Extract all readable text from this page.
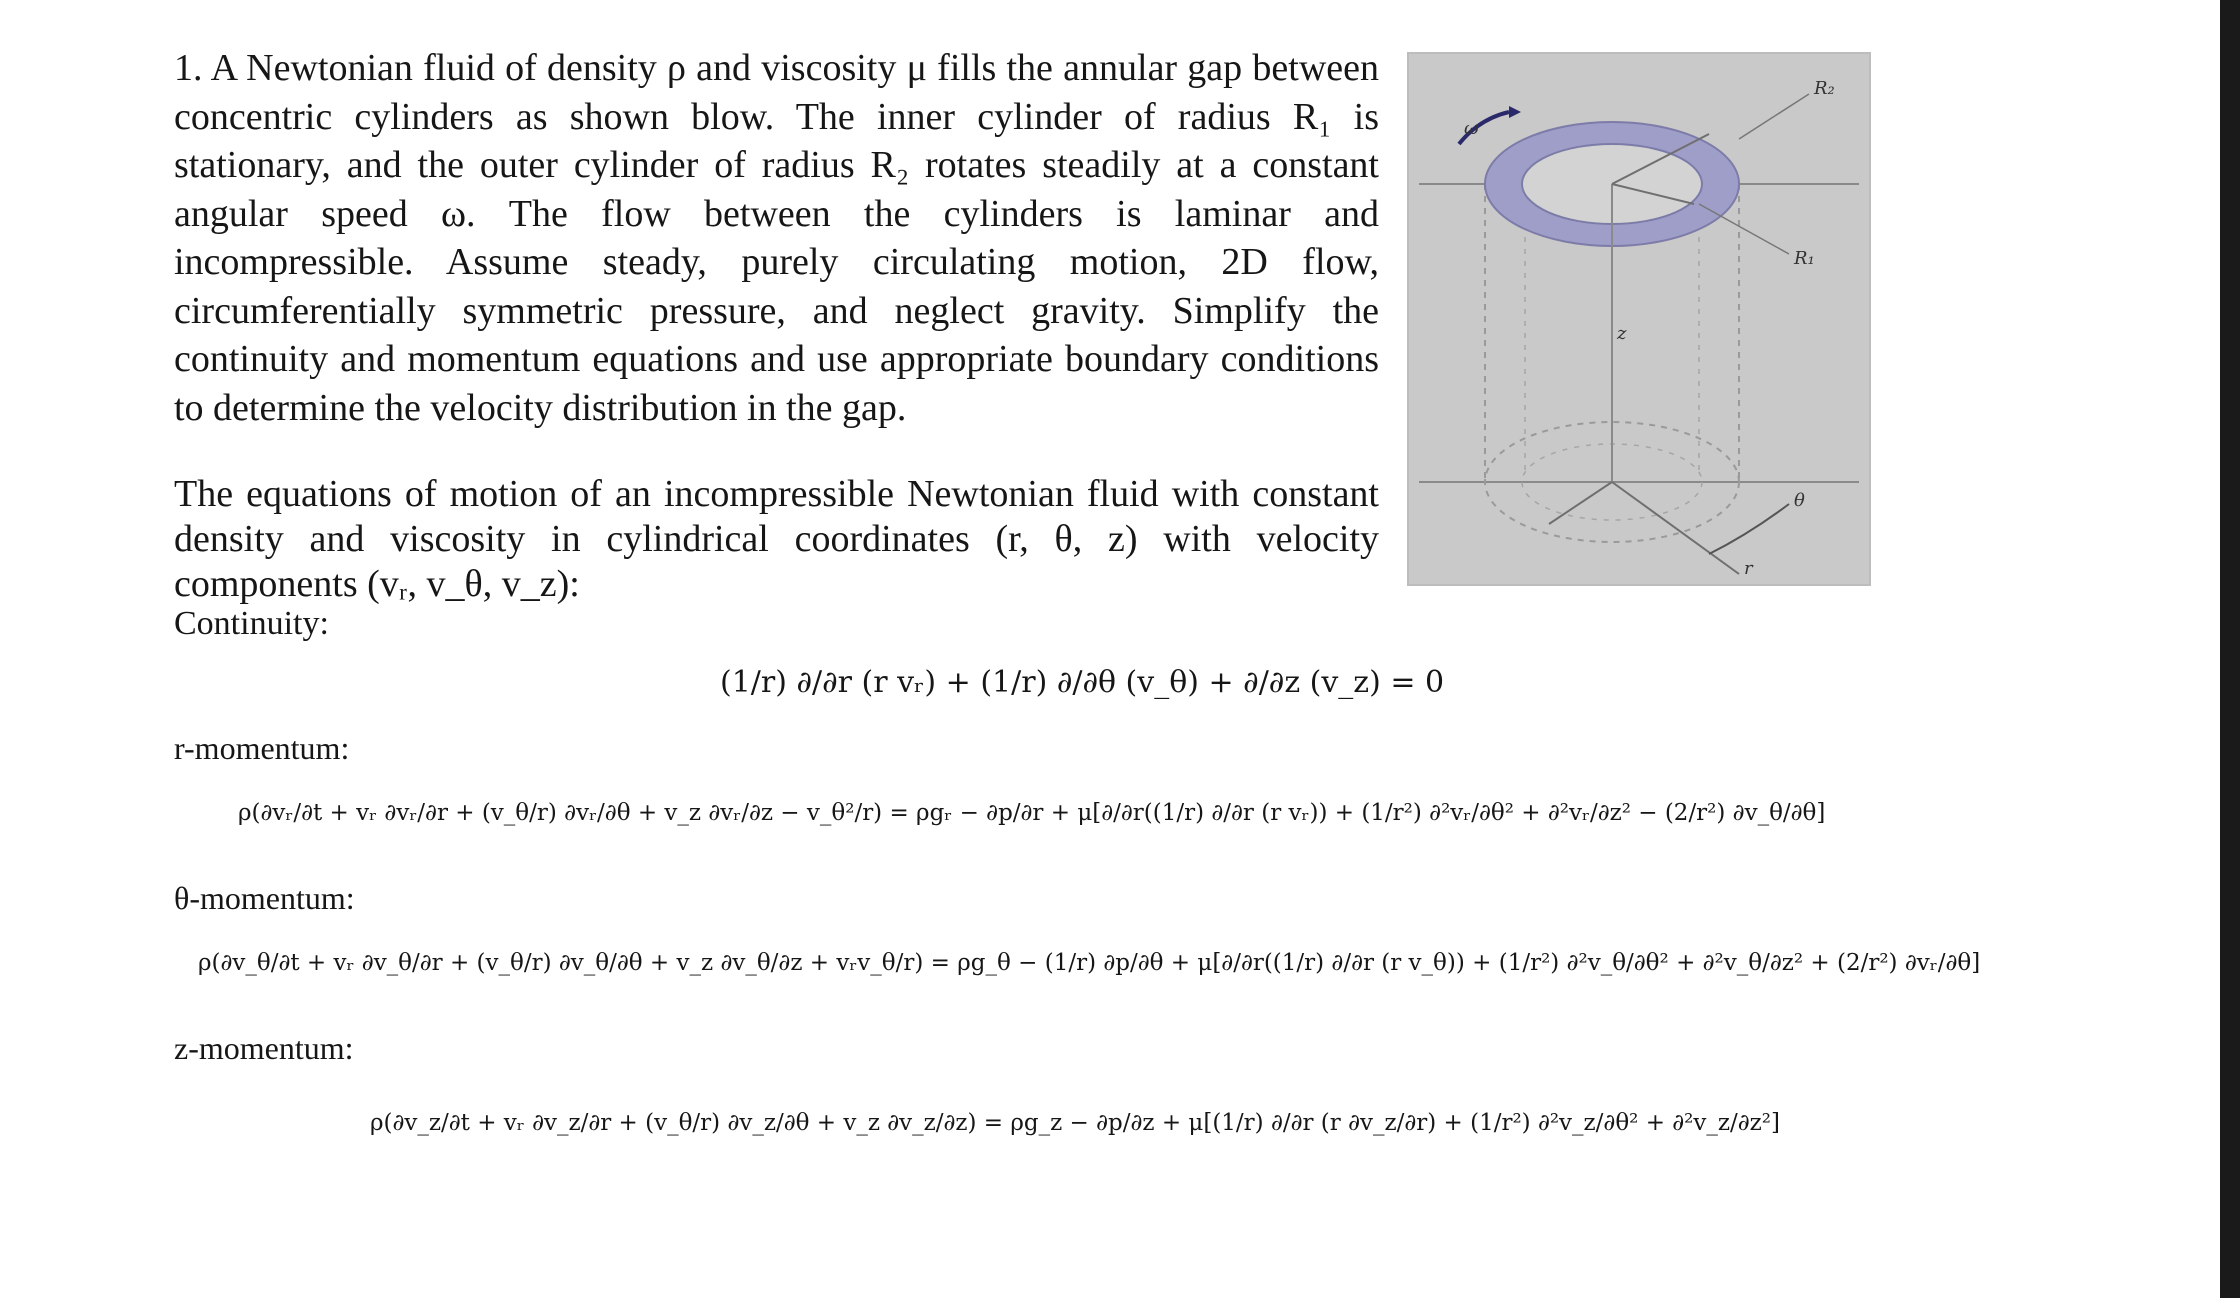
1. A Newtonian fluid of density ρ and viscosity μ fills the annular gap between concentric cylinders as shown blow. The inner cylinder of radius R₁ is stationary, and the outer cylinder of radius R₂ rotates steadily at a constant angular speed ω. The flow between the cylinders is laminar and incompressible. Assume steady, purely circulating motion, 2D flow, circumferentially symmetric pressure, and neglect gravity. Simplify the continuity and momentum equations and use appropriate boundary conditions to determine the velocity distribution in the gap.

R₂
R₁
ω
z
θ
r

The equations of motion of an incompressible Newtonian fluid with constant density and viscosity in cylindrical coordinates (r, θ, z) with velocity components (vᵣ, v_θ, v_z):

Continuity:
(1/r) ∂/∂r (r vᵣ) + (1/r) ∂/∂θ (v_θ) + ∂/∂z (v_z) = 0
r-momentum:
ρ(∂vᵣ/∂t + vᵣ ∂vᵣ/∂r + (v_θ/r) ∂vᵣ/∂θ + v_z ∂vᵣ/∂z − v_θ²/r) = ρgᵣ − ∂p/∂r + μ[∂/∂r((1/r) ∂/∂r (r vᵣ)) + (1/r²) ∂²vᵣ/∂θ² + ∂²vᵣ/∂z² − (2/r²) ∂v_θ/∂θ]
θ-momentum:
ρ(∂v_θ/∂t + vᵣ ∂v_θ/∂r + (v_θ/r) ∂v_θ/∂θ + v_z ∂v_θ/∂z + vᵣv_θ/r) = ρg_θ − (1/r) ∂p/∂θ + μ[∂/∂r((1/r) ∂/∂r (r v_θ)) + (1/r²) ∂²v_θ/∂θ² + ∂²v_θ/∂z² + (2/r²) ∂vᵣ/∂θ]
z-momentum:
ρ(∂v_z/∂t + vᵣ ∂v_z/∂r + (v_θ/r) ∂v_z/∂θ + v_z ∂v_z/∂z) = ρg_z − ∂p/∂z + μ[(1/r) ∂/∂r (r ∂v_z/∂r) + (1/r²) ∂²v_z/∂θ² + ∂²v_z/∂z²]
